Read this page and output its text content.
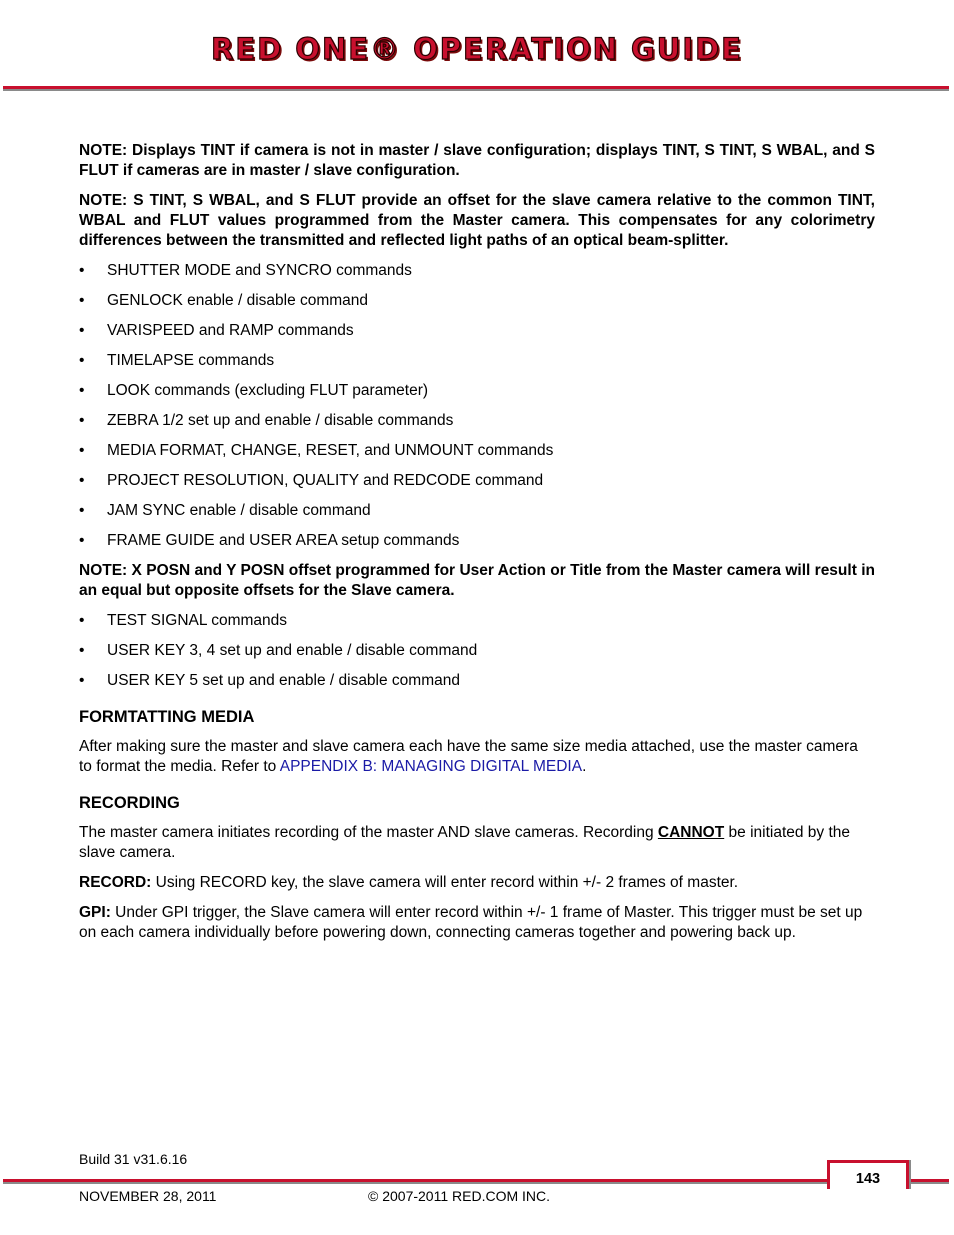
RED ONE® OPERATION GUIDE

NOTE: Displays TINT if camera is not in master / slave configuration; displays TINT, S TINT, S WBAL, and S FLUT if cameras are in master / slave configuration.

NOTE: S TINT, S WBAL, and S FLUT provide an offset for the slave camera relative to the common TINT, WBAL and FLUT values programmed from the Master camera. This compensates for any colorimetry differences between the transmitted and reflected light paths of an optical beam-splitter.

• SHUTTER MODE and SYNCRO commands
• GENLOCK enable / disable command
• VARISPEED and RAMP commands
• TIMELAPSE commands
• LOOK commands (excluding FLUT parameter)
• ZEBRA 1/2 set up and enable / disable commands
• MEDIA FORMAT, CHANGE, RESET, and UNMOUNT commands
• PROJECT RESOLUTION, QUALITY and REDCODE command
• JAM SYNC enable / disable command
• FRAME GUIDE and USER AREA setup commands

NOTE: X POSN and Y POSN offset programmed for User Action or Title from the Master camera will result in an equal but opposite offsets for the Slave camera.

• TEST SIGNAL commands
• USER KEY 3, 4 set up and enable / disable command
• USER KEY 5 set up and enable / disable command
FORMTATTING MEDIA

After making sure the master and slave camera each have the same size media attached, use the master camera to format the media. Refer to APPENDIX B: MANAGING DIGITAL MEDIA.

RECORDING

The master camera initiates recording of the master AND slave cameras. Recording CANNOT be initiated by the slave camera.

RECORD: Using RECORD key, the slave camera will enter record within +/- 2 frames of master.

GPI: Under GPI trigger, the Slave camera will enter record within +/- 1 frame of Master. This trigger must be set up on each camera individually before powering down, connecting cameras together and powering back up.

Build 31 v31.6.16
143
NOVEMBER 28, 2011	© 2007-2011 RED.COM INC.
